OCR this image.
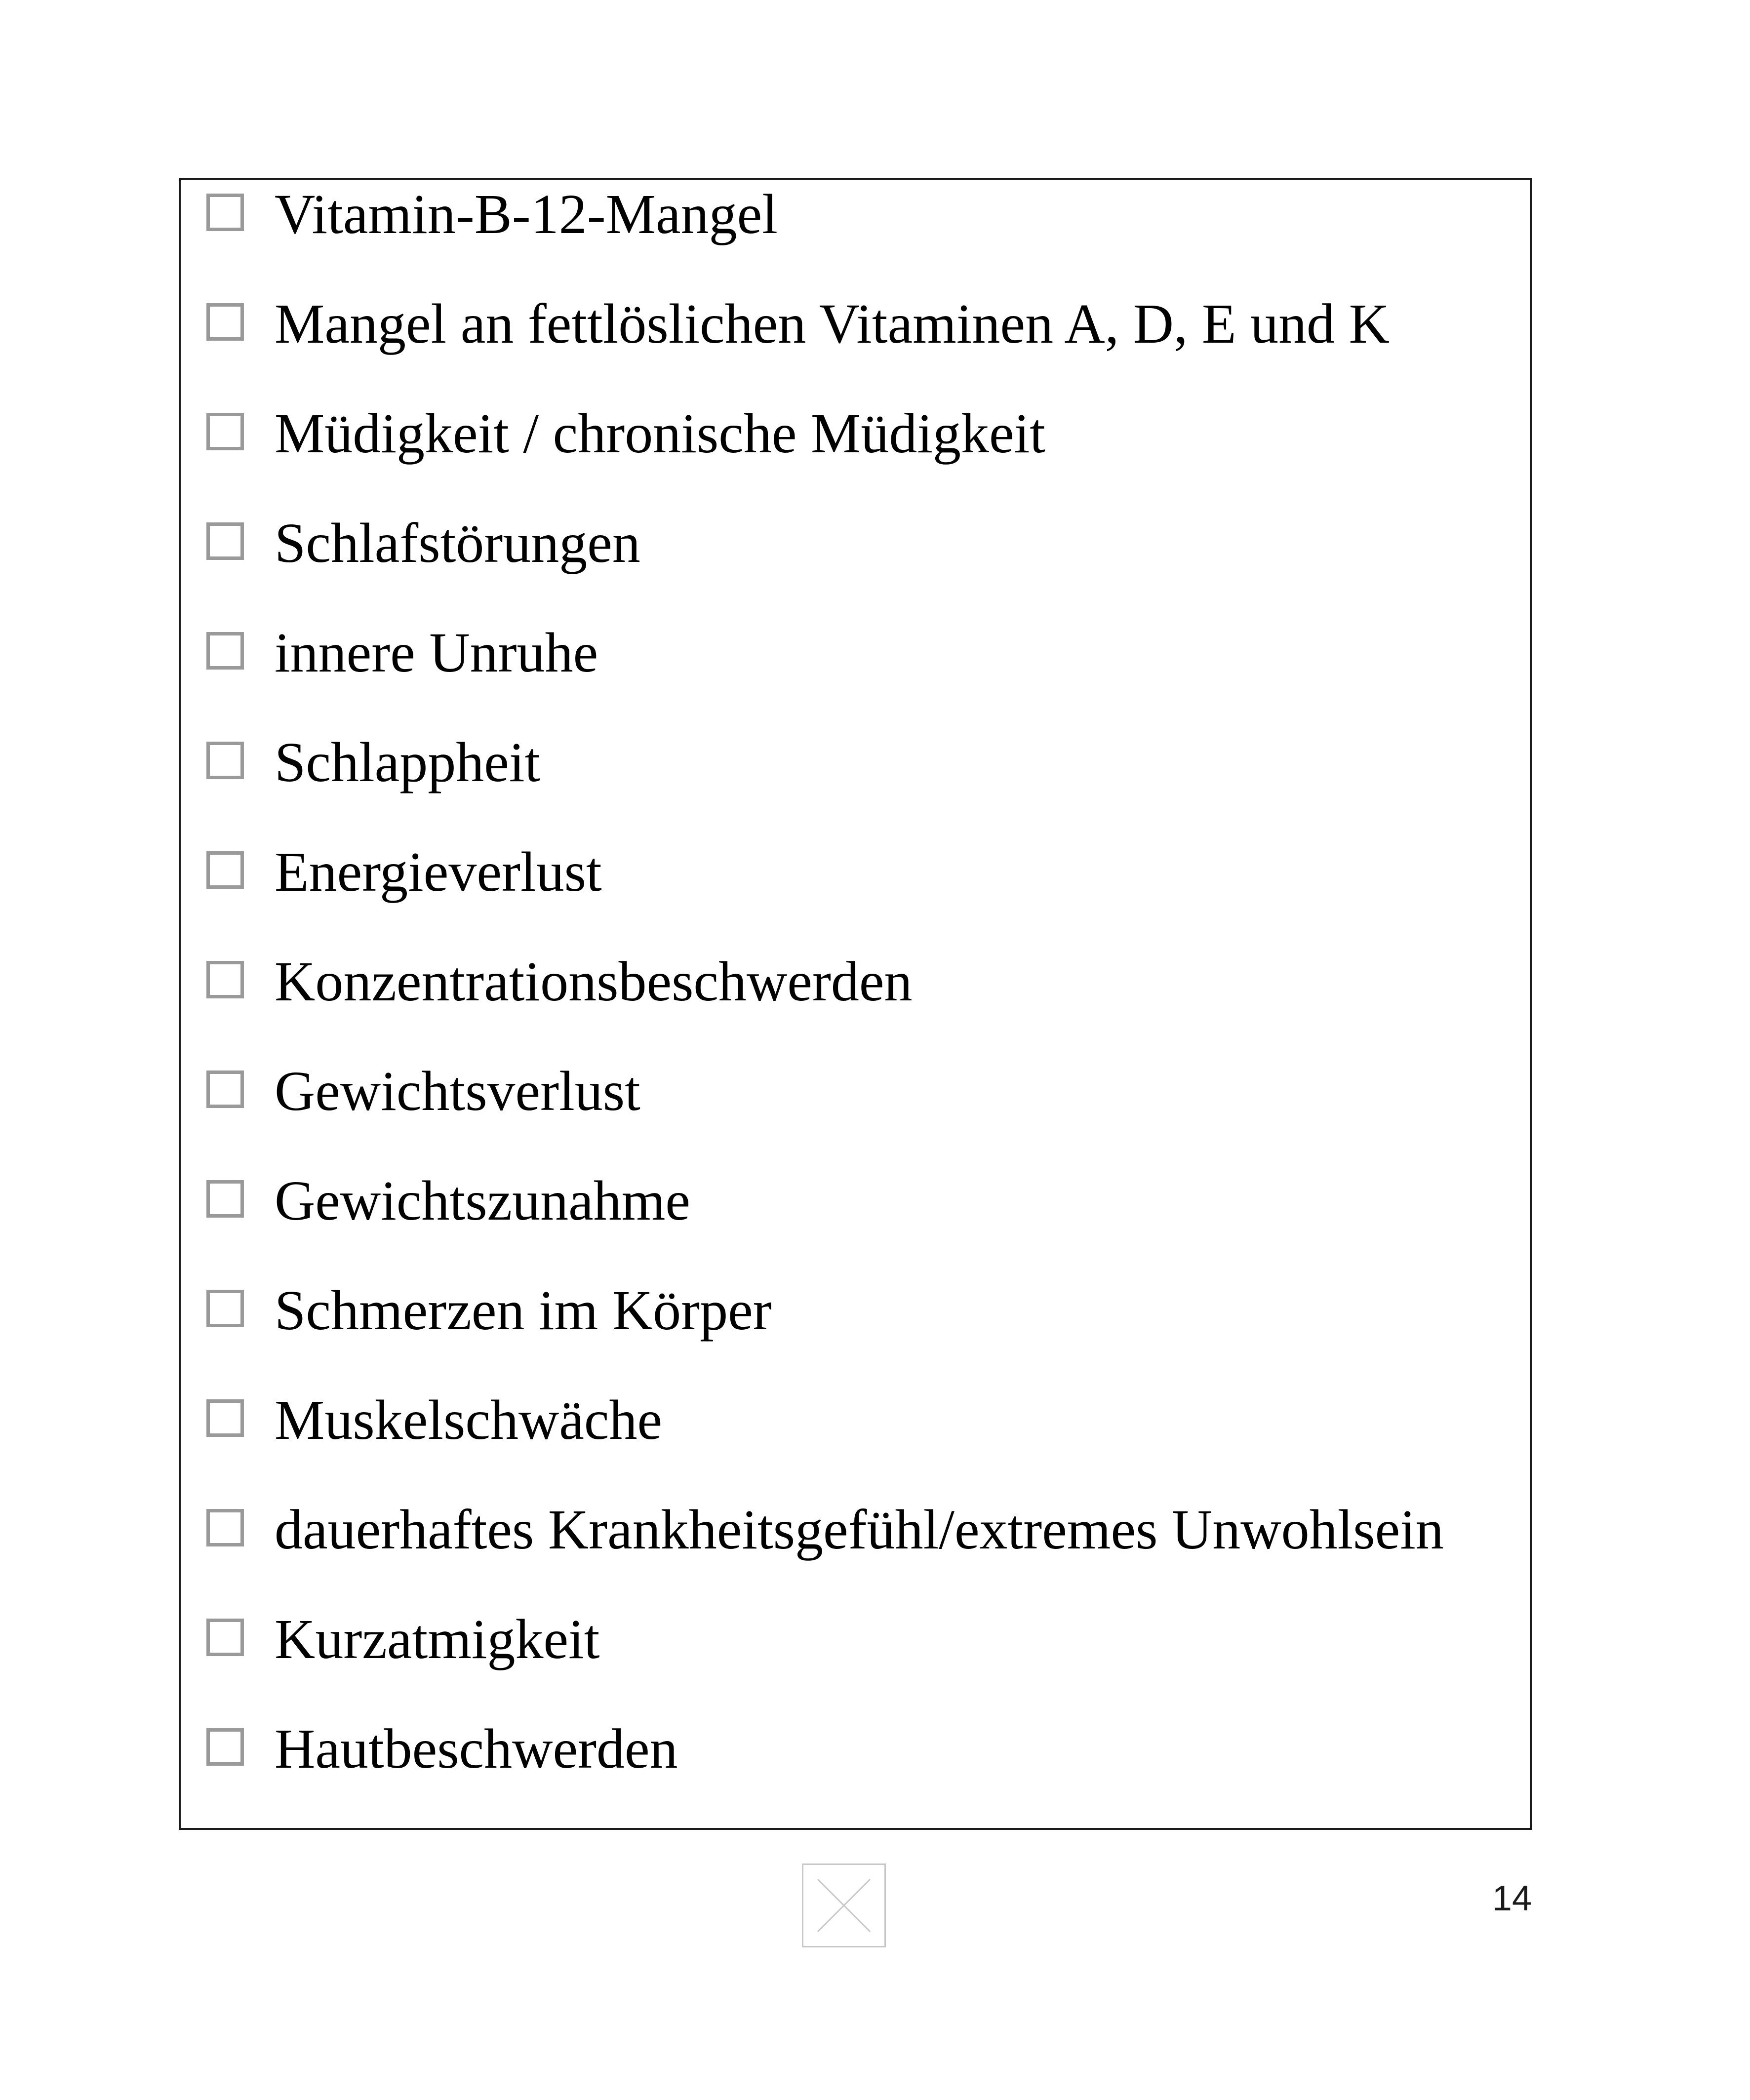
Vitamin-B-12-Mangel
Mangel an fettlöslichen Vitaminen A, D, E und K
Müdigkeit / chronische Müdigkeit
Schlafstörungen
innere Unruhe
Schlappheit
Energieverlust
Konzentrationsbeschwerden
Gewichtsverlust
Gewichtszunahme
Schmerzen im Körper
Muskelschwäche
dauerhaftes Krankheitsgefühl/extremes Unwohlsein
Kurzatmigkeit
Hautbeschwerden
14
